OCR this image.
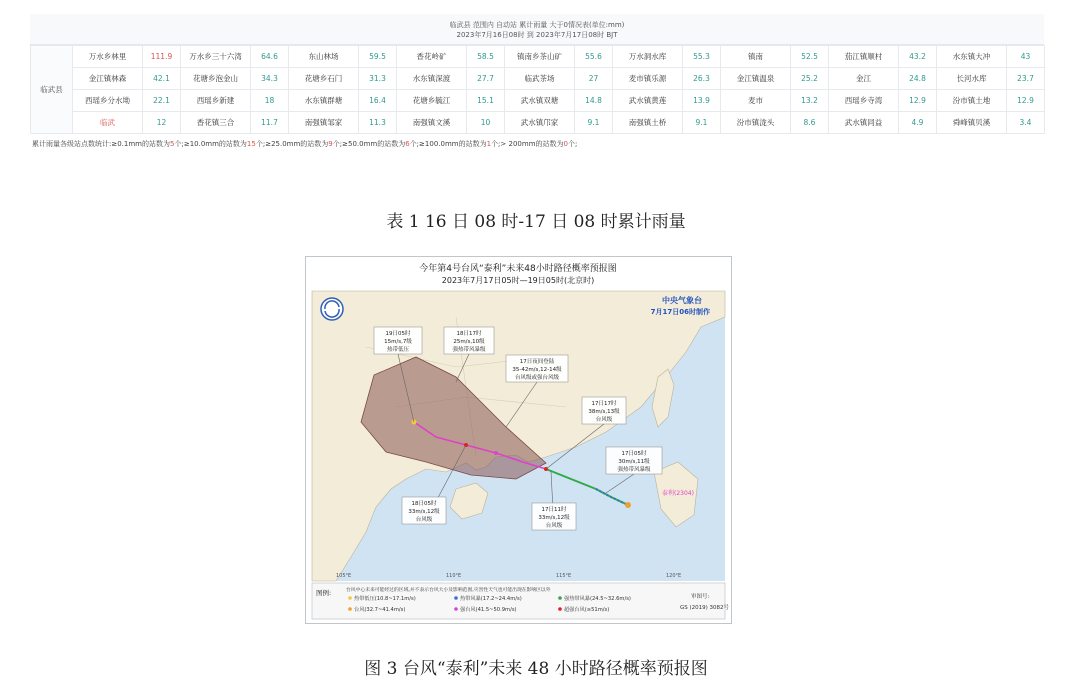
临武县 范围内 自动站 累计雨量 大于0情况表(单位:mm)
2023年7月16日08时 到 2023年7月17日08时 BJT
临武县	万水乡林里	111.9	万水乡三十六湾	64.6	东山林场	59.5	香花岭矿	58.5	镇南乡茶山矿	55.6	万水洞水库	55.3	镇南	52.5	茄江镇顺村	43.2	水东镇大冲	43
	金江镇林森	42.1	花塘乡泡金山	34.3	花塘乡石门	31.3	水东镇深渡	27.7	临武茶场	27	麦市镇乐源	26.3	金江镇温泉	25.2	金江	24.8	长河水库	23.7
	西瑶乡分水坳	22.1	西瑶乡新建	18	水东镇群塘	16.4	花塘乡毓江	15.1	武水镇双塘	14.8	武水镇黄莲	13.9	麦市	13.2	西瑶乡寺湾	12.9	汾市镇土地	12.9
	临武	12	香花镇三合	11.7	南强镇邹家	11.3	南强镇文溪	10	武水镇邝家	9.1	南强镇土桥	9.1	汾市镇泷头	8.6	武水镇同益	4.9	舜峰镇贝溪	3.4
累计雨量各级站点数统计:≥0.1mm的站数为5个;≥10.0mm的站数为15个;≥25.0mm的站数为9个;≥50.0mm的站数为6个;≥100.0mm的站数为1个;> 200mm的站数为0个;
表 1 16 日 08 时-17 日 08 时累计雨量
泰利(2304)
今年第4号台风“泰利”未来48小时路径概率预报图
2023年7月17日05时—19日05时(北京时)
中央气象台
7月17日06时制作
19日05时
15m/s,7级
热带低压
18日17时
25m/s,10级
强热带风暴级
17日夜间登陆
35-42m/s,12-14级
台风级或强台风级
17日17时
38m/s,13级
台风级
17日05时
30m/s,11级
强热带风暴级
18日05时
33m/s,12级
台风级
17日11时
33m/s,12级
台风级
105°E	110°E	115°E	120°E
图例:	台风中心未来可能经过的区域,并不表示台风大小及影响范围,灾害性天气也可能出现在影响区以外
热带低压(10.8~17.1m/s)	热带风暴(17.2~24.4m/s)	强热带风暴(24.5~32.6m/s)
台风(32.7~41.4m/s)	强台风(41.5~50.9m/s)	超强台风(≥51m/s)
审图号:
GS (2019) 3082号
图 3 台风“泰利”未来 48 小时路径概率预报图
